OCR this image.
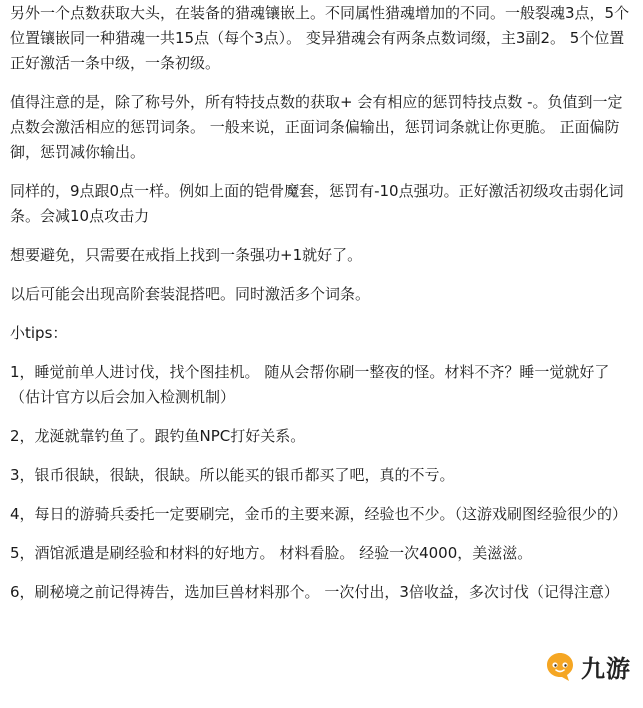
另外一个点数获取大头，在装备的猎魂镶嵌上。不同属性猎魂增加的不同。一般裂魂3点，5个位置镶嵌同一种猎魂一共15点（每个3点）。 变异猎魂会有两条点数词缀，主3副2。 5个位置正好激活一条中级，一条初级。

值得注意的是，除了称号外，所有特技点数的获取+ 会有相应的惩罚特技点数 -。负值到一定点数会激活相应的惩罚词条。 一般来说，正面词条偏输出，惩罚词条就让你更脆。 正面偏防御，惩罚减你输出。

同样的，9点跟0点一样。例如上面的铠骨魔套，惩罚有-10点强功。正好激活初级攻击弱化词条。会减10点攻击力

想要避免，只需要在戒指上找到一条强功+1就好了。

以后可能会出现高阶套装混搭吧。同时激活多个词条。

小tips：

1，睡觉前单人进讨伐，找个图挂机。 随从会帮你刷一整夜的怪。材料不齐？睡一觉就好了（估计官方以后会加入检测机制）

2，龙涎就靠钓鱼了。跟钓鱼NPC打好关系。

3，银币很缺，很缺，很缺。所以能买的银币都买了吧，真的不亏。

4，每日的游骑兵委托一定要刷完，金币的主要来源，经验也不少。（这游戏刷图经验很少的）

5，酒馆派遣是刷经验和材料的好地方。 材料看脸。 经验一次4000，美滋滋。

6，刷秘境之前记得祷告，选加巨兽材料那个。 一次付出，3倍收益，多次讨伐（记得注意）

九游
